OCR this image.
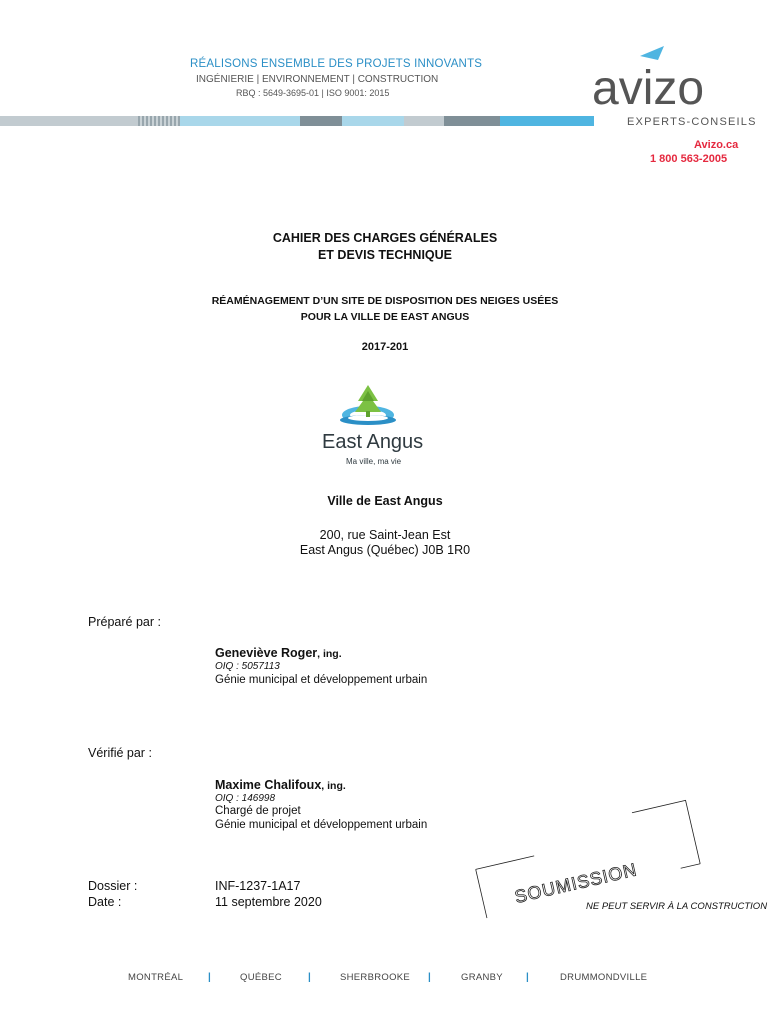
RÉALISONS ENSEMBLE DES PROJETS INNOVANTS
INGÉNIERIE | ENVIRONNEMENT | CONSTRUCTION
RBQ : 5649-3695-01 | ISO 9001: 2015	avizo
EXPERTS-CONSEILS
Avizo.ca
1 800 563-2005
CAHIER DES CHARGES GÉNÉRALES
ET DEVIS TECHNIQUE
RÉAMÉNAGEMENT D’UN SITE DE DISPOSITION DES NEIGES USÉES
POUR LA VILLE DE EAST ANGUS
2017-201
East Angus
Ma ville, ma vie
Ville de East Angus
200, rue Saint-Jean Est
East Angus (Québec) J0B 1R0
Préparé par :
Geneviève Roger, ing.
OIQ : 5057113
Génie municipal et développement urbain
Vérifié par :
Maxime Chalifoux, ing.
OIQ : 146998
Chargé de projet
Génie municipal et développement urbain
Dossier :	INF-1237-1A17
Date :	11 septembre 2020	SOUMISSION
NE PEUT SERVIR À LA CONSTRUCTION
MONTRÉAL |	QUÉBEC	|	SHERBROOKE |	GRANBY |	DRUMMONDVILLE
